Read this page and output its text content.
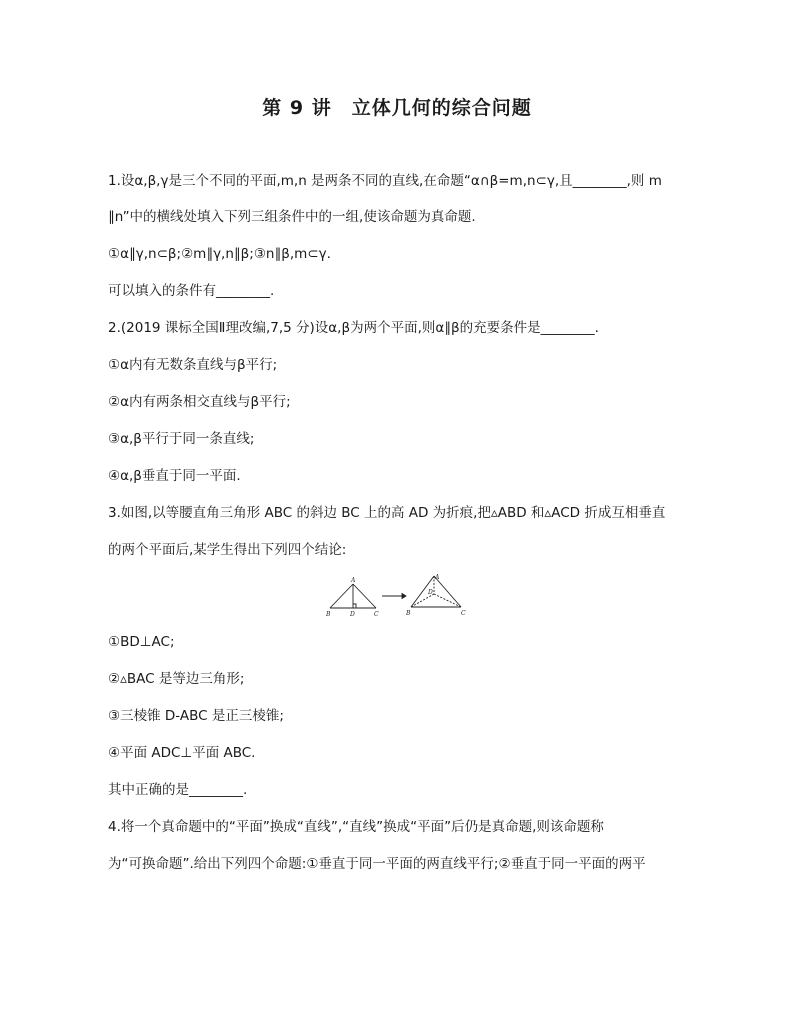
第 9 讲　立体几何的综合问题
1.设α,β,γ是三个不同的平面,m,n 是两条不同的直线,在命题“α∩β=m,n⊂γ,且________,则 m
∥n”中的横线处填入下列三组条件中的一组,使该命题为真命题.
①α∥γ,n⊂β;②m∥γ,n∥β;③n∥β,m⊂γ.
可以填入的条件有________.
2.(2019 课标全国Ⅱ理改编,7,5 分)设α,β为两个平面,则α∥β的充要条件是________.
①α内有无数条直线与β平行;
②α内有两条相交直线与β平行;
③α,β平行于同一条直线;
④α,β垂直于同一平面.
3.如图,以等腰直角三角形 ABC 的斜边 BC 上的高 AD 为折痕,把▵ABD 和▵ACD 折成互相垂直
的两个平面后,某学生得出下列四个结论:
A
B	D	C
A
D
B	C
①BD⊥AC;
②▵BAC 是等边三角形;
③三棱锥 D-ABC 是正三棱锥;
④平面 ADC⊥平面 ABC.
其中正确的是________.
4.将一个真命题中的“平面”换成“直线”,“直线”换成“平面”后仍是真命题,则该命题称
为“可换命题”.给出下列四个命题:①垂直于同一平面的两直线平行;②垂直于同一平面的两平
